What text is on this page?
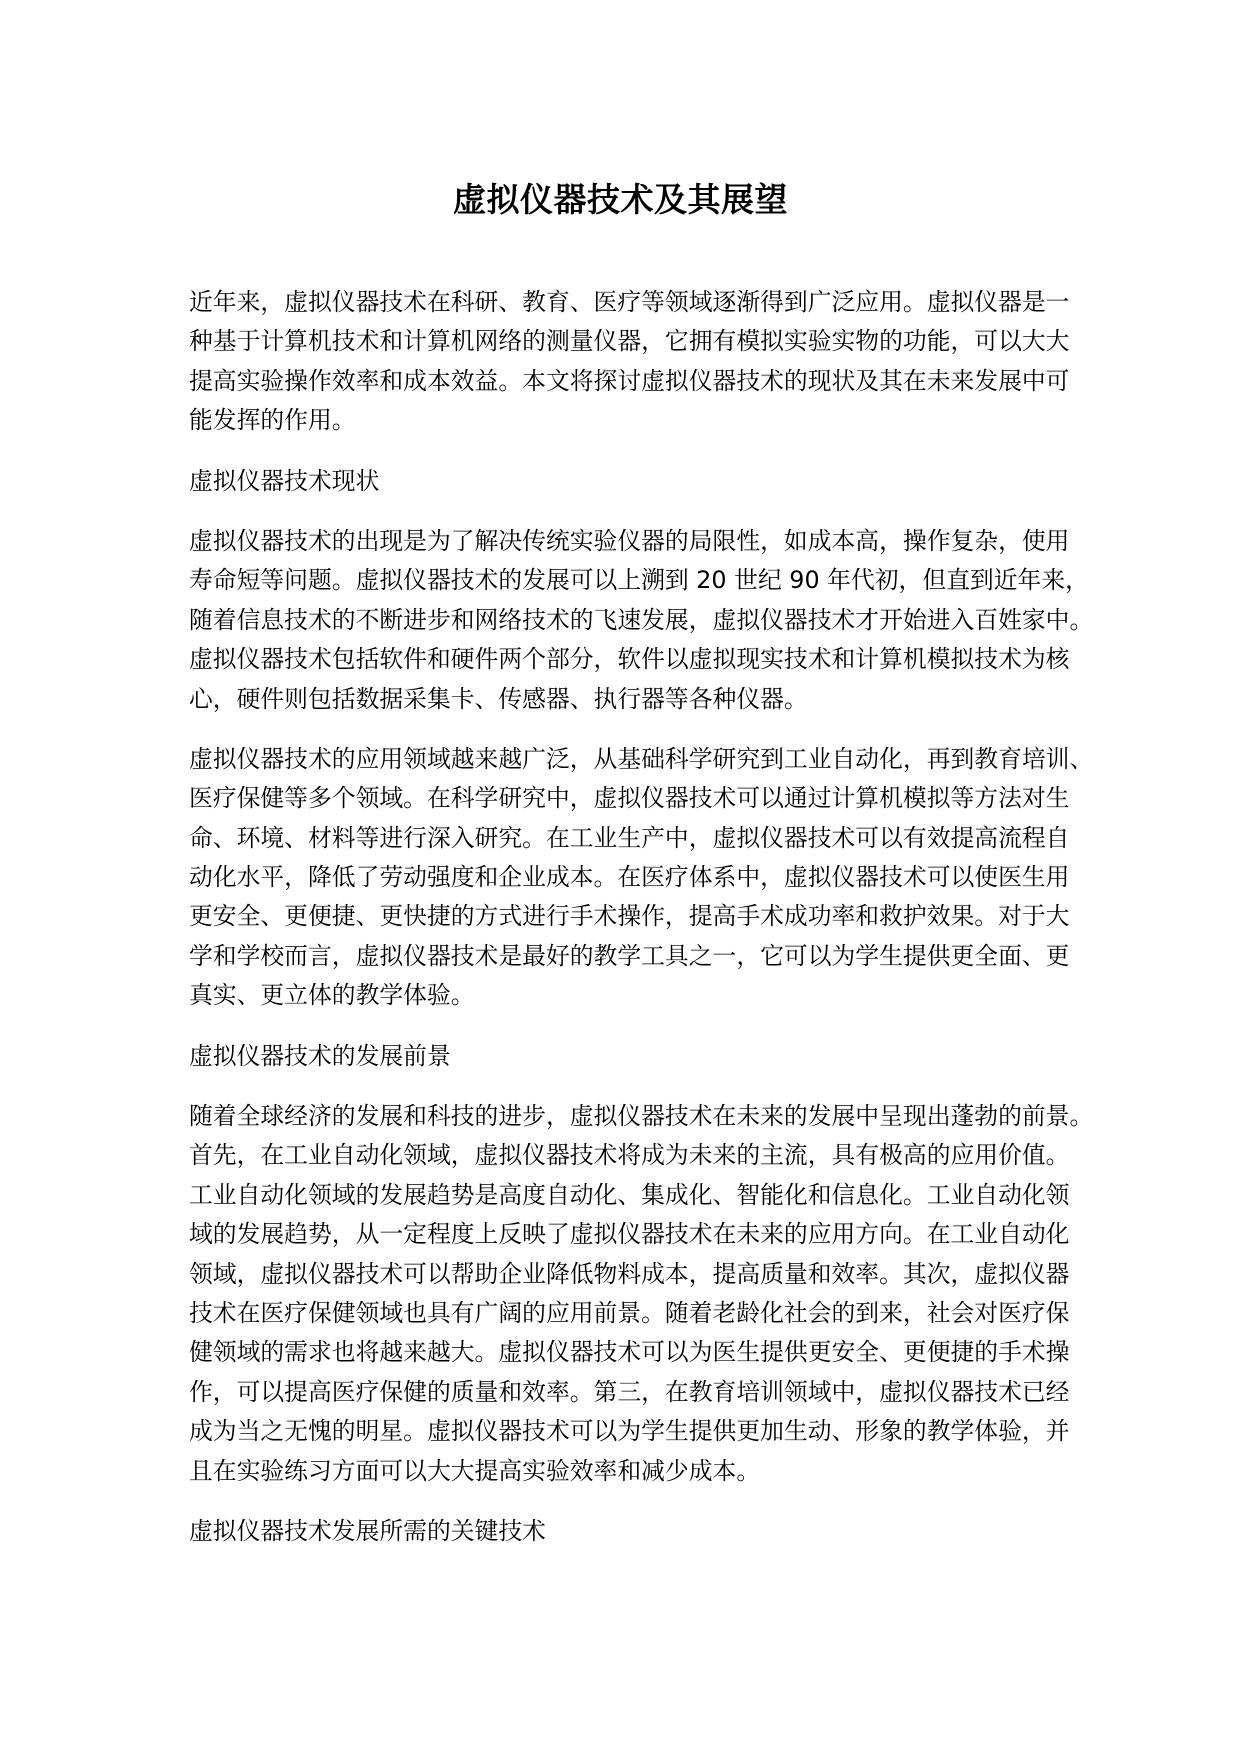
虚拟仪器技术及其展望
近年来，虚拟仪器技术在科研、教育、医疗等领域逐渐得到广泛应用。虚拟仪器是一
种基于计算机技术和计算机网络的测量仪器，它拥有模拟实验实物的功能，可以大大
提高实验操作效率和成本效益。本文将探讨虚拟仪器技术的现状及其在未来发展中可
能发挥的作用。
虚拟仪器技术现状
虚拟仪器技术的出现是为了解决传统实验仪器的局限性，如成本高，操作复杂，使用
寿命短等问题。虚拟仪器技术的发展可以上溯到 20 世纪 90 年代初，但直到近年来，
随着信息技术的不断进步和网络技术的飞速发展，虚拟仪器技术才开始进入百姓家中。
虚拟仪器技术包括软件和硬件两个部分，软件以虚拟现实技术和计算机模拟技术为核
心，硬件则包括数据采集卡、传感器、执行器等各种仪器。
虚拟仪器技术的应用领域越来越广泛，从基础科学研究到工业自动化，再到教育培训、
医疗保健等多个领域。在科学研究中，虚拟仪器技术可以通过计算机模拟等方法对生
命、环境、材料等进行深入研究。在工业生产中，虚拟仪器技术可以有效提高流程自
动化水平，降低了劳动强度和企业成本。在医疗体系中，虚拟仪器技术可以使医生用
更安全、更便捷、更快捷的方式进行手术操作，提高手术成功率和救护效果。对于大
学和学校而言，虚拟仪器技术是最好的教学工具之一，它可以为学生提供更全面、更
真实、更立体的教学体验。
虚拟仪器技术的发展前景
随着全球经济的发展和科技的进步，虚拟仪器技术在未来的发展中呈现出蓬勃的前景。
首先，在工业自动化领域，虚拟仪器技术将成为未来的主流，具有极高的应用价值。
工业自动化领域的发展趋势是高度自动化、集成化、智能化和信息化。工业自动化领
域的发展趋势，从一定程度上反映了虚拟仪器技术在未来的应用方向。在工业自动化
领域，虚拟仪器技术可以帮助企业降低物料成本，提高质量和效率。其次，虚拟仪器
技术在医疗保健领域也具有广阔的应用前景。随着老龄化社会的到来，社会对医疗保
健领域的需求也将越来越大。虚拟仪器技术可以为医生提供更安全、更便捷的手术操
作，可以提高医疗保健的质量和效率。第三，在教育培训领域中，虚拟仪器技术已经
成为当之无愧的明星。虚拟仪器技术可以为学生提供更加生动、形象的教学体验，并
且在实验练习方面可以大大提高实验效率和减少成本。
虚拟仪器技术发展所需的关键技术
